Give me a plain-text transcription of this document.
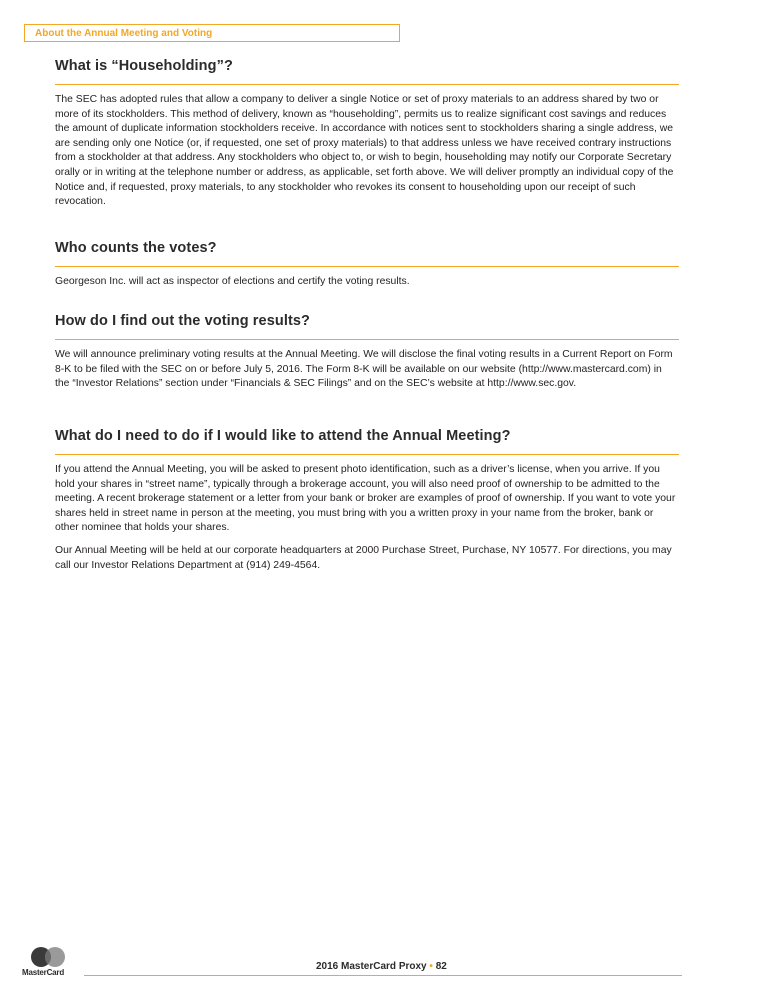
About the Annual Meeting and Voting
What is “Householding”?

The SEC has adopted rules that allow a company to deliver a single Notice or set of proxy materials to an address shared by two or more of its stockholders. This method of delivery, known as “householding”, permits us to realize significant cost savings and reduces the amount of duplicate information stockholders receive. In accordance with notices sent to stockholders sharing a single address, we are sending only one Notice (or, if requested, one set of proxy materials) to that address unless we have received contrary instructions from a stockholder at that address. Any stockholders who object to, or wish to begin, householding may notify our Corporate Secretary orally or in writing at the telephone number or address, as applicable, set forth above. We will deliver promptly an individual copy of the Notice and, if requested, proxy materials, to any stockholder who revokes its consent to householding upon our receipt of such revocation.

Who counts the votes?

Georgeson Inc. will act as inspector of elections and certify the voting results.

How do I find out the voting results?

We will announce preliminary voting results at the Annual Meeting. We will disclose the final voting results in a Current Report on Form 8-K to be filed with the SEC on or before July 5, 2016. The Form 8-K will be available on our website (http://www.mastercard.com) in the “Investor Relations” section under “Financials & SEC Filings” and on the SEC’s website at http://www.sec.gov.

What do I need to do if I would like to attend the Annual Meeting?

If you attend the Annual Meeting, you will be asked to present photo identification, such as a driver’s license, when you arrive. If you hold your shares in “street name”, typically through a brokerage account, you will also need proof of ownership to be admitted to the meeting. A recent brokerage statement or a letter from your bank or broker are examples of proof of ownership. If you want to vote your shares held in street name in person at the meeting, you must bring with you a written proxy in your name from the broker, bank or other nominee that holds your shares.

Our Annual Meeting will be held at our corporate headquarters at 2000 Purchase Street, Purchase, NY 10577. For directions, you may call our Investor Relations Department at (914) 249-4564.

MasterCard
2016 MasterCard Proxy • 82
